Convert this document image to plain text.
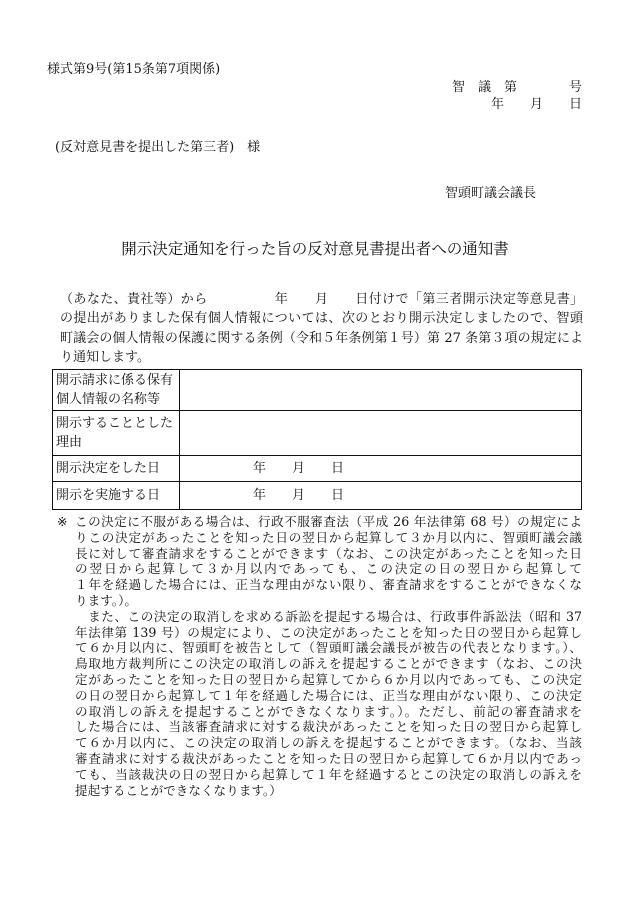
様式第9号(第15条第7項関係)
智　議　第　　　　号
年　　月　　日
(反対意見書を提出した第三者)　様
智頭町議会議長
開示決定通知を行った旨の反対意見書提出者への通知書
（あなた、貴社等）から　　　　　年　　月　　日付けで「第三者開示決定等意見書」
の提出がありました保有個人情報については、次のとおり開示決定しましたので、智頭
町議会の個人情報の保護に関する条例（令和５年条例第１号）第 27 条第３項の規定によ
り通知します。
開示請求に係る保有個人情報の名称等
開示することとした理由
開示決定をした日	年　　月　　日
開示を実施する日	年　　月　　日
※ この決定に不服がある場合は、行政不服審査法（平成 26 年法律第 68 号）の規定によ
りこの決定があったことを知った日の翌日から起算して３か月以内に、智頭町議会議
長に対して審査請求をすることができます（なお、この決定があったことを知った日
の翌日から起算して３か月以内であっても、この決定の日の翌日から起算して
１年を経過した場合には、正当な理由がない限り、審査請求をすることができなくな
ります。）。
　また、この決定の取消しを求める訴訟を提起する場合は、行政事件訴訟法（昭和 37
年法律第 139 号）の規定により、この決定があったことを知った日の翌日から起算し
て６か月以内に、智頭町を被告として（智頭町議会議長が被告の代表となります。）、
鳥取地方裁判所にこの決定の取消しの訴えを提起することができます（なお、この決
定があったことを知った日の翌日から起算してから６か月以内であっても、この決定
の日の翌日から起算して１年を経過した場合には、正当な理由がない限り、この決定
の取消しの訴えを提起することができなくなります。）。ただし、前記の審査請求を
した場合には、当該審査請求に対する裁決があったことを知った日の翌日から起算し
て６か月以内に、この決定の取消しの訴えを提起することができます。（なお、当該
審査請求に対する裁決があったことを知った日の翌日から起算して６か月以内であっ
ても、当該裁決の日の翌日から起算して１年を経過するとこの決定の取消しの訴えを
提起することができなくなります。）
